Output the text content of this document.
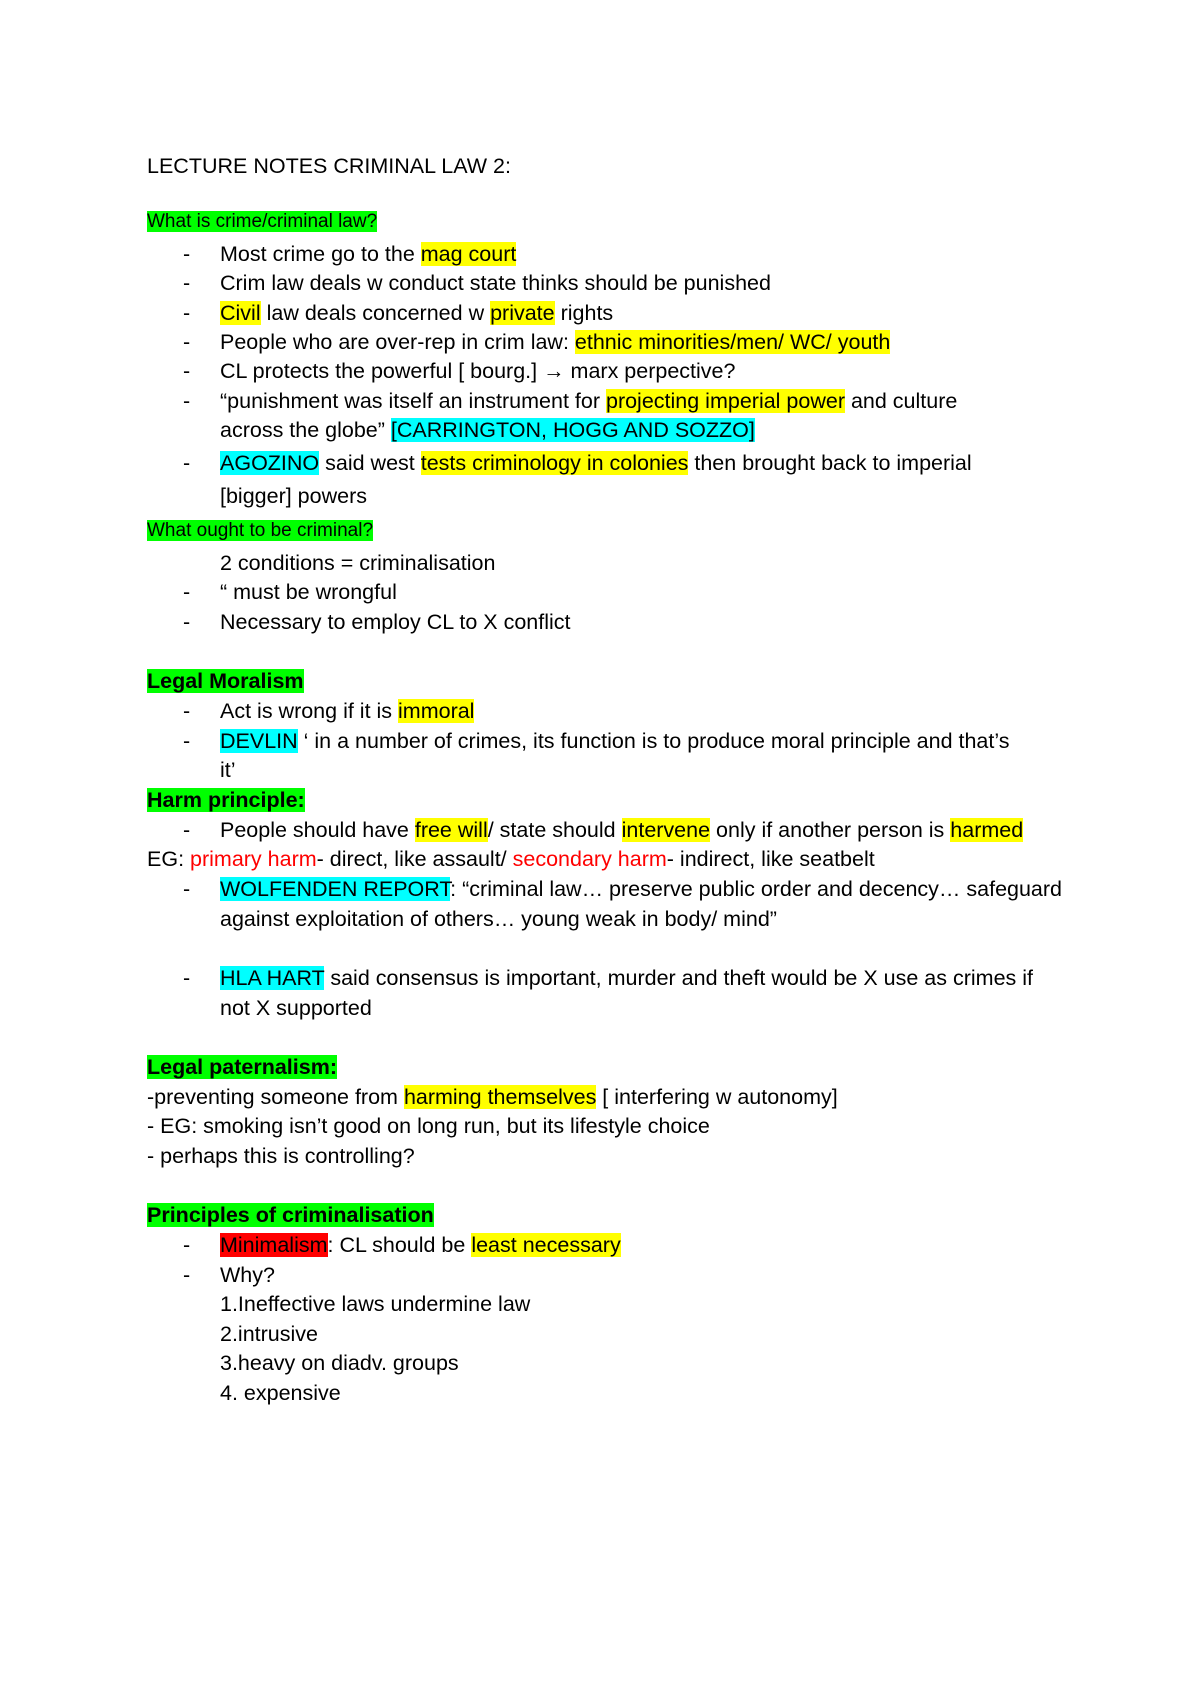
LECTURE NOTES CRIMINAL LAW 2:
What is crime/criminal law?
- Most crime go to the mag court
- Crim law deals w conduct state thinks should be punished
- Civil law deals concerned w private rights
- People who are over-rep in crim law: ethnic minorities/men/ WC/ youth
- CL protects the powerful [ bourg.] → marx perpective?
- “punishment was itself an instrument for projecting imperial power and culture
across the globe” [CARRINGTON, HOGG AND SOZZO]
- AGOZINO said west tests criminology in colonies then brought back to imperial
[bigger] powers
What ought to be criminal?
2 conditions = criminalisation
- “ must be wrongful
- Necessary to employ CL to X conflict
Legal Moralism
- Act is wrong if it is immoral
- DEVLIN ‘ in a number of crimes, its function is to produce moral principle and that’s
it’
Harm principle:
- People should have free will/ state should intervene only if another person is harmed
EG: primary harm- direct, like assault/ secondary harm- indirect, like seatbelt
- WOLFENDEN REPORT: “criminal law… preserve public order and decency… safeguard
against exploitation of others… young weak in body/ mind”
- HLA HART said consensus is important, murder and theft would be X use as crimes if
not X supported
Legal paternalism:
-preventing someone from harming themselves [ interfering w autonomy]
- EG: smoking isn’t good on long run, but its lifestyle choice
- perhaps this is controlling?
Principles of criminalisation
- Minimalism: CL should be least necessary
- Why?
1.Ineffective laws undermine law
2.intrusive
3.heavy on diadv. groups
4. expensive
